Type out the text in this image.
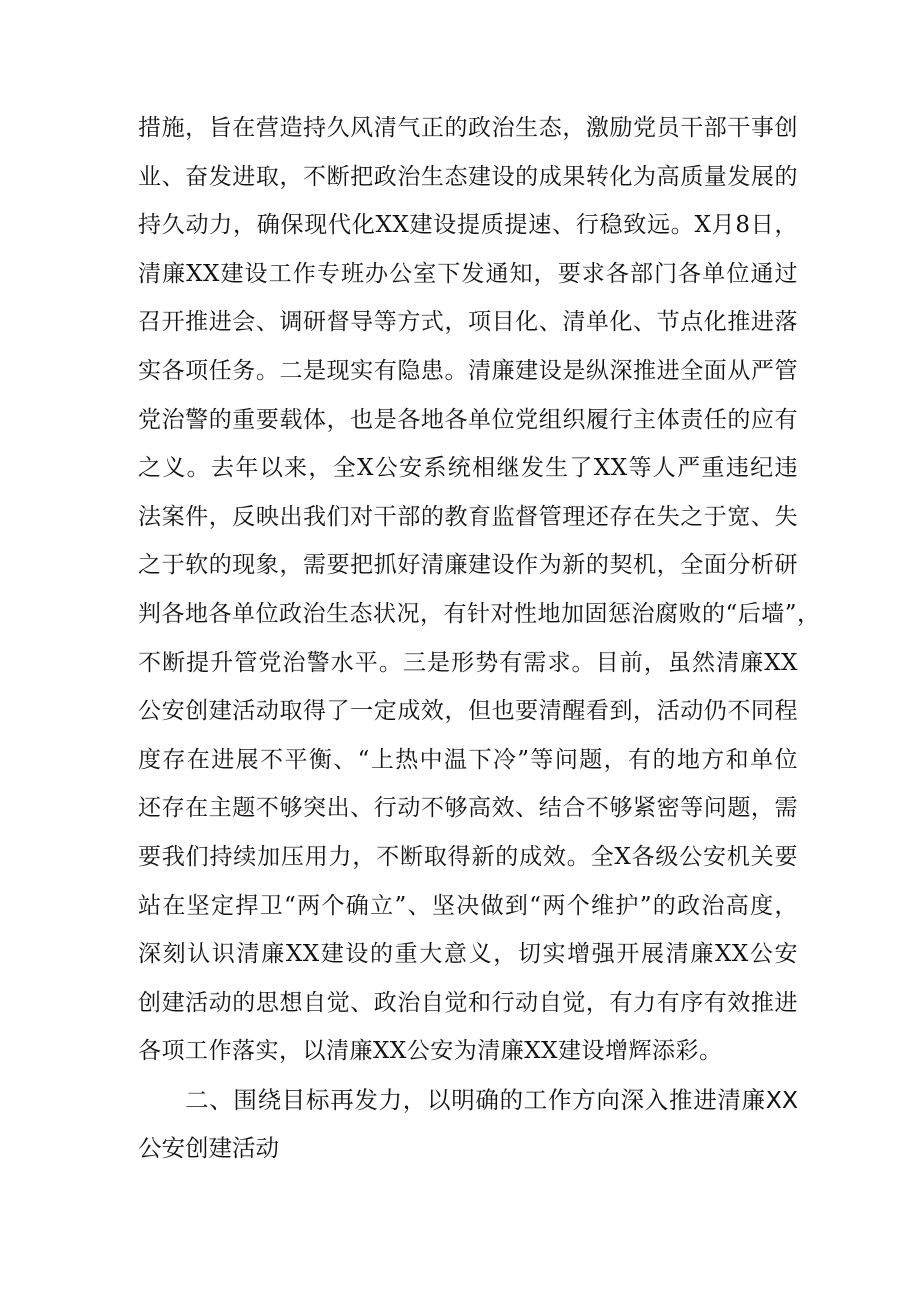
措施，旨在营造持久风清气正的政治生态，激励党员干部干事创
业、奋发进取，不断把政治生态建设的成果转化为高质量发展的
持久动力，确保现代化XX建设提质提速、行稳致远。X月8日，
清廉XX建设工作专班办公室下发通知，要求各部门各单位通过
召开推进会、调研督导等方式，项目化、清单化、节点化推进落
实各项任务。二是现实有隐患。清廉建设是纵深推进全面从严管
党治警的重要载体，也是各地各单位党组织履行主体责任的应有
之义。去年以来，全X公安系统相继发生了XX等人严重违纪违
法案件，反映出我们对干部的教育监督管理还存在失之于宽、失
之于软的现象，需要把抓好清廉建设作为新的契机，全面分析研
判各地各单位政治生态状况，有针对性地加固惩治腐败的“后墙”，
不断提升管党治警水平。三是形势有需求。目前，虽然清廉XX
公安创建活动取得了一定成效，但也要清醒看到，活动仍不同程
度存在进展不平衡、“上热中温下冷”等问题，有的地方和单位
还存在主题不够突出、行动不够高效、结合不够紧密等问题，需
要我们持续加压用力，不断取得新的成效。全X各级公安机关要
站在坚定捍卫“两个确立”、坚决做到“两个维护”的政治高度，
深刻认识清廉XX建设的重大意义，切实增强开展清廉XX公安
创建活动的思想自觉、政治自觉和行动自觉，有力有序有效推进
各项工作落实，以清廉XX公安为清廉XX建设增辉添彩。
二、围绕目标再发力，以明确的工作方向深入推进清廉XX
公安创建活动
